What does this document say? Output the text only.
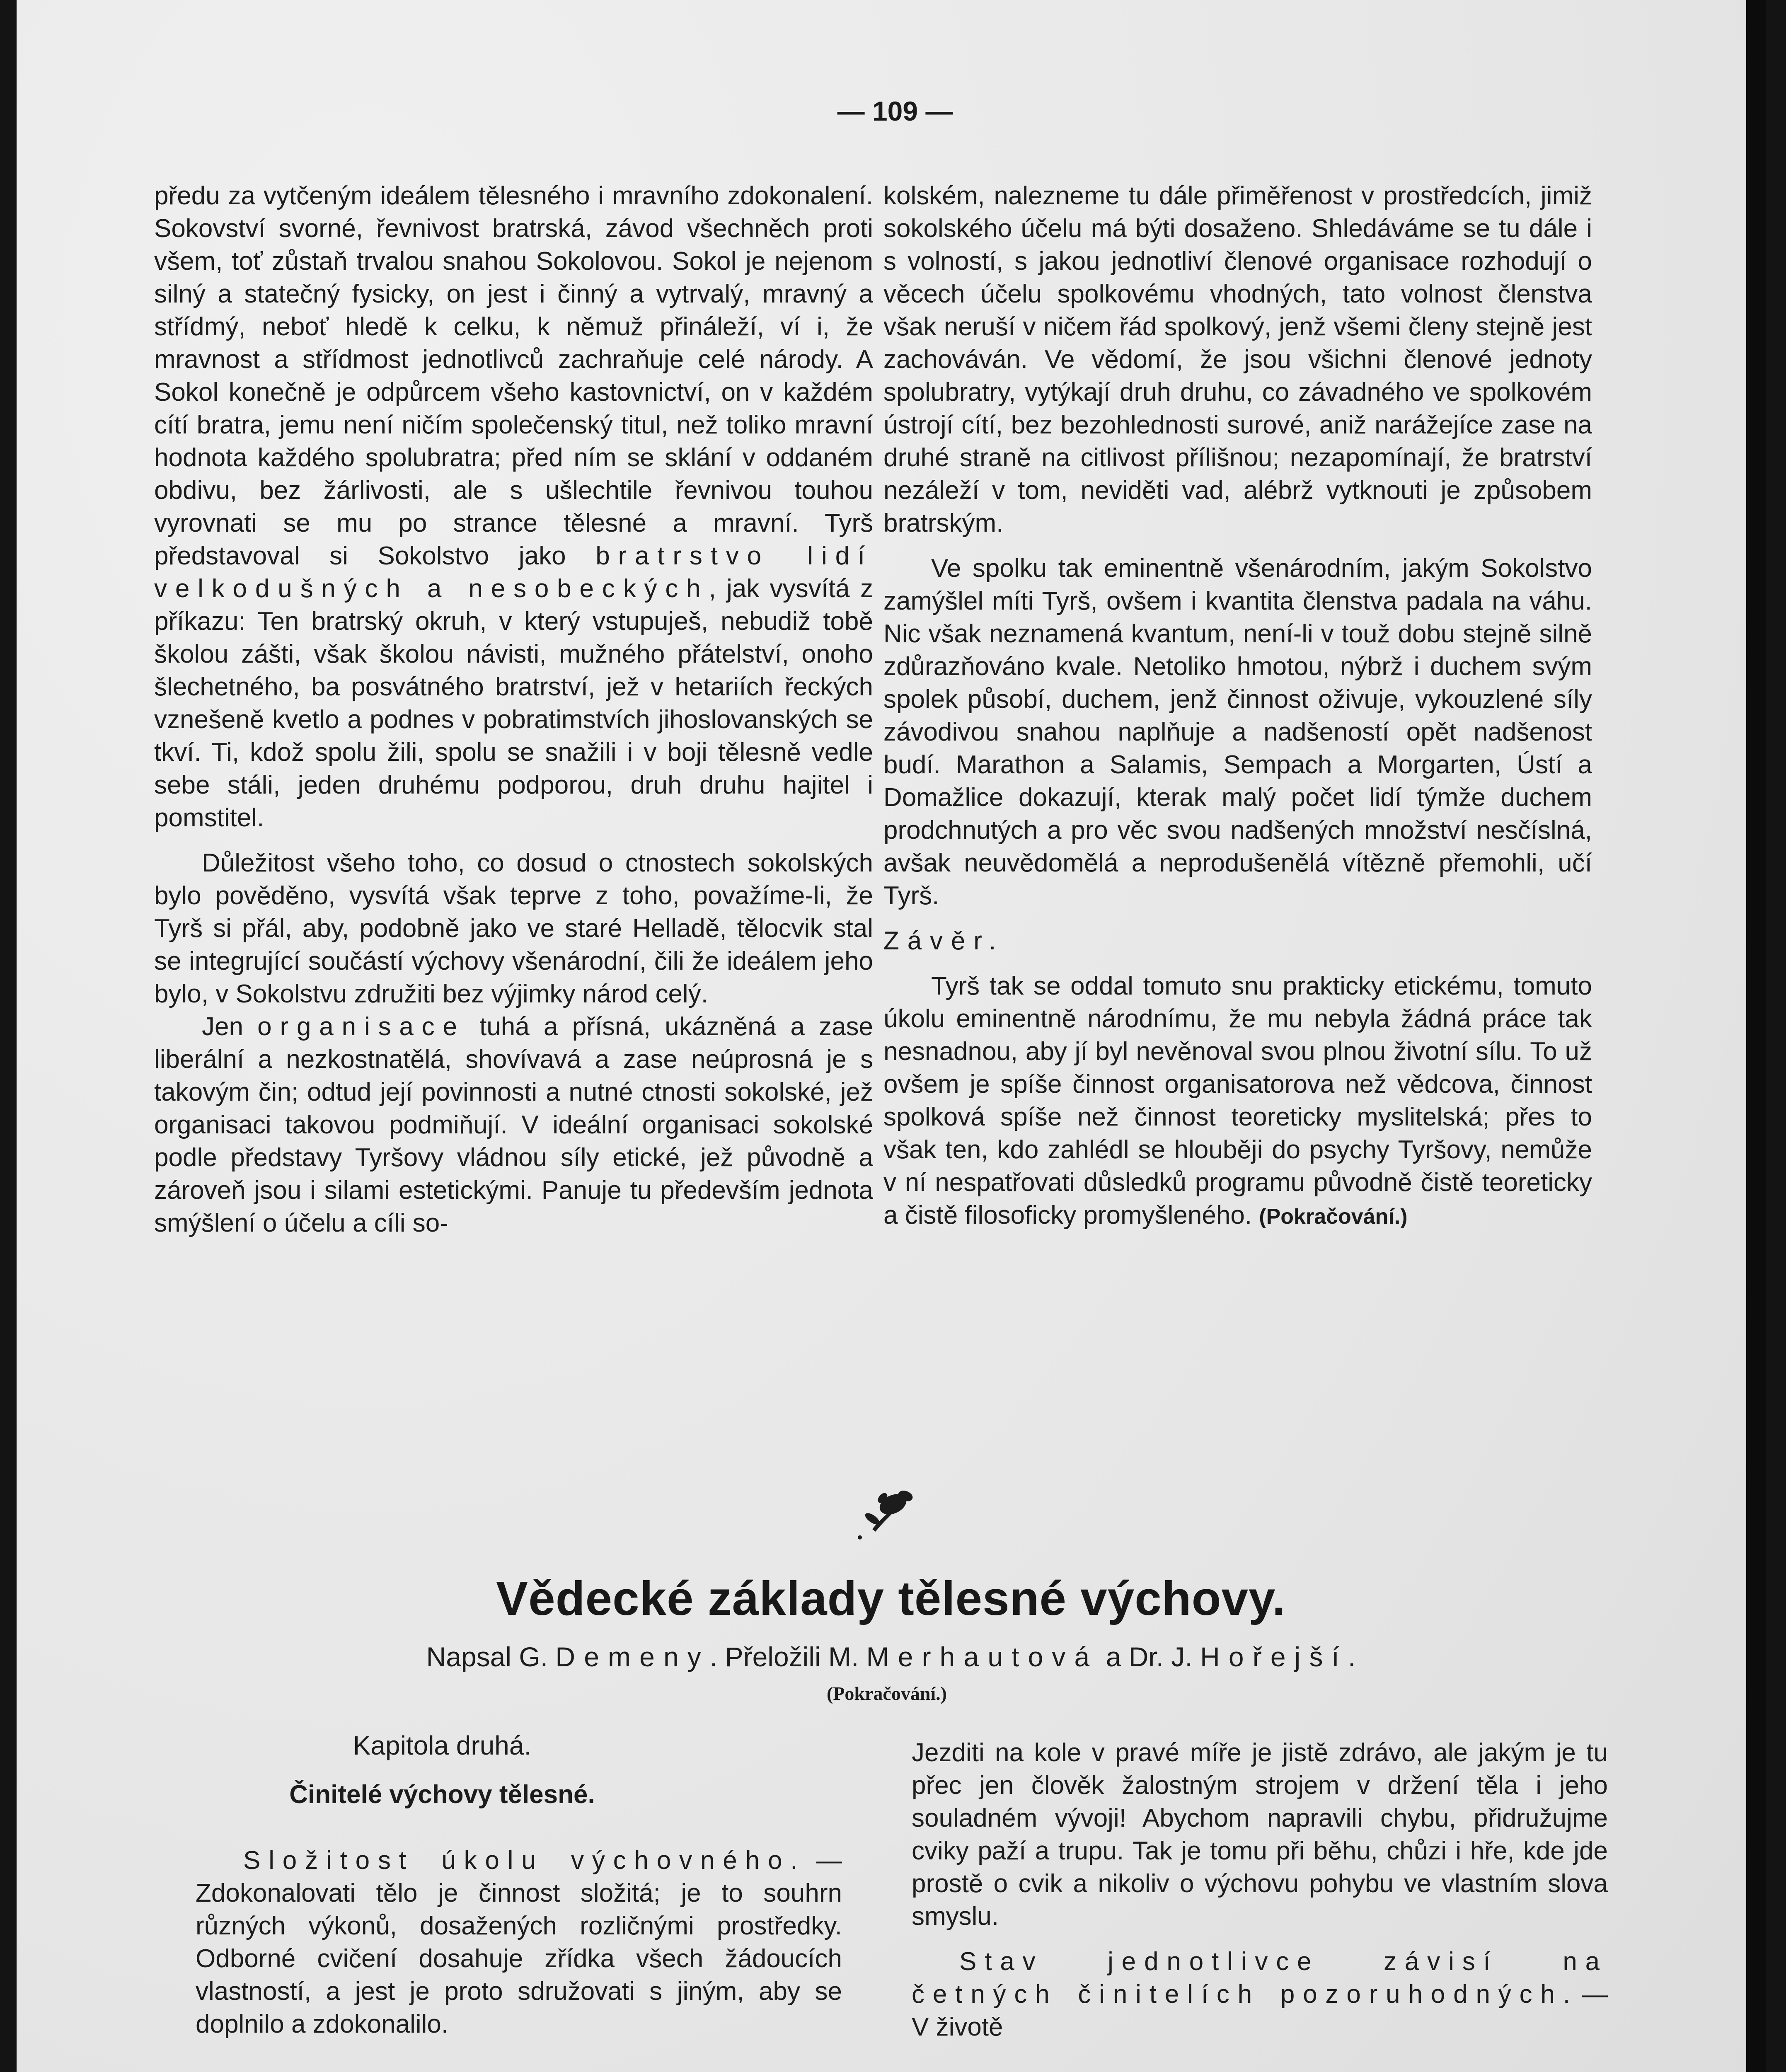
— 109 —

předu za vytčeným ideálem tělesného i mravního zdokonalení. Sokovství svorné, řevnivost bratrská, závod všechněch proti všem, toť zůstaň trvalou snahou Sokolovou. Sokol je nejenom silný a statečný fysicky, on jest i činný a vytrvalý, mravný a střídmý, neboť hledě k celku, k němuž přináleží, ví i, že mravnost a střídmost jednotlivců zachraňuje celé národy. A Sokol konečně je odpůrcem všeho kastovnictví, on v každém cítí bratra, jemu není ničím společenský titul, než toliko mravní hodnota každého spolubratra; před ním se sklání v oddaném obdivu, bez žárlivosti, ale s ušlechtile řevnivou touhou vyrovnati se mu po strance tělesné a mravní. Tyrš představoval si Sokolstvo jako bratrstvo lidí velkodušných a nesobeckých, jak vysvítá z příkazu: Ten bratrský okruh, v který vstupuješ, nebudiž tobě školou zášti, však školou návisti, mužného přátelství, onoho šlechetného, ba posvátného bratrství, jež v hetariích řeckých vznešeně kvetlo a podnes v pobratimstvích jihoslovanských se tkví. Ti, kdož spolu žili, spolu se snažili i v boji tělesně vedle sebe stáli, jeden druhému podporou, druh druhu hajitel i pomstitel.

Důležitost všeho toho, co dosud o ctnostech sokolských bylo pověděno, vysvítá však teprve z toho, považíme-li, že Tyrš si přál, aby, podobně jako ve staré Helladě, tělocvik stal se integrující součástí výchovy všenárodní, čili že ideálem jeho bylo, v Sokolstvu združiti bez výjimky národ celý.

Jen organisace tuhá a přísná, ukázněná a zase liberální a nezkostnatělá, shovívavá a zase neúprosná je s takovým čin; odtud její povinnosti a nutné ctnosti sokolské, jež organisaci takovou podmiňují. V ideální organisaci sokolské podle představy Tyršovy vládnou síly etické, jež původně a zároveň jsou i silami estetickými. Panuje tu především jednota smýšlení o účelu a cíli so-

kolském, nalezneme tu dále přiměřenost v prostředcích, jimiž sokolského účelu má býti dosaženo. Shledáváme se tu dále i s volností, s jakou jednotliví členové organisace rozhodují o věcech účelu spolkovému vhodných, tato volnost členstva však neruší v ničem řád spolkový, jenž všemi členy stejně jest zachováván. Ve vědomí, že jsou všichni členové jednoty spolubratry, vytýkají druh druhu, co závadného ve spolkovém ústrojí cítí, bez bezohlednosti surové, aniž narážejíce zase na druhé straně na citlivost přílišnou; nezapomínají, že bratrství nezáleží v tom, neviděti vad, alébrž vytknouti je způsobem bratrským.

Ve spolku tak eminentně všenárodním, jakým Sokolstvo zamýšlel míti Tyrš, ovšem i kvantita členstva padala na váhu. Nic však neznamená kvantum, není-li v touž dobu stejně silně zdůrazňováno kvale. Netoliko hmotou, nýbrž i duchem svým spolek působí, duchem, jenž činnost oživuje, vykouzlené síly závodivou snahou naplňuje a nadšeností opět nadšenost budí. Marathon a Salamis, Sempach a Morgarten, Ústí a Domažlice dokazují, kterak malý počet lidí týmže duchem prodchnutých a pro věc svou nadšených množství nesčíslná, avšak neuvědomělá a neprodušenělá vítězně přemohli, učí Tyrš.

Závěr.

Tyrš tak se oddal tomuto snu prakticky etickému, tomuto úkolu eminentně národnímu, že mu nebyla žádná práce tak nesnadnou, aby jí byl nevěnoval svou plnou životní sílu. To už ovšem je spíše činnost organisatorova než vědcova, činnost spolková spíše než činnost teoreticky myslitelská; přes to však ten, kdo zahlédl se hlouběji do psychy Tyršovy, nemůže v ní nespatřovati důsledků programu původně čistě teoreticky a čistě filosoficky promyšleného. (Pokračování.)

Vědecké základy tělesné výchovy.
Napsal G. Demeny. Přeložili M. Merhautová a Dr. J. Hořejší.
(Pokračování.)
Kapitola druhá.
Činitelé výchovy tělesné.

Složitost úkolu výchovného. — Zdokonalovati tělo je činnost složitá; je to souhrn různých výkonů, dosažených rozličnými prostředky. Odborné cvičení dosahuje zřídka všech žádoucích vlastností, a jest je proto sdružovati s jiným, aby se doplnilo a zdokonalilo.

Jezditi na kole v pravé míře je jistě zdrávo, ale jakým je tu přec jen člověk žalostným strojem v držení těla i jeho souladném vývoji! Abychom napravili chybu, přidružujme cviky paží a trupu. Tak je tomu při běhu, chůzi i hře, kde jde prostě o cvik a nikoliv o výchovu pohybu ve vlastním slova smyslu.

Stav jednotlivce závisí na četných činitelích pozoruhodných. — V životě
